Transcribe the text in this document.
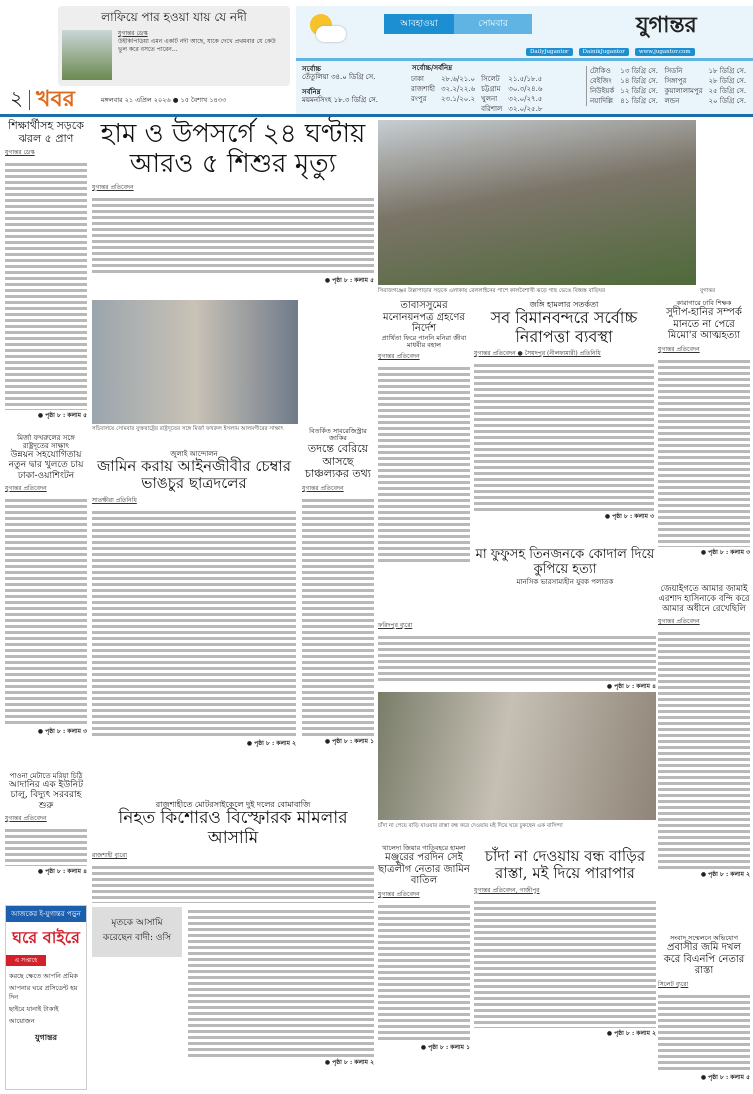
লাফিয়ে পার হওয়া যায় যে নদী
যুগান্তর ডেস্ক
উইকিপিডিয়া এমন একটি নদী আছে, যাকে দেখে প্রথমবার যে কেউ ভুল করে বসতে পারেন...
২ খবর	মঙ্গলবার ২১ এপ্রিল ২০২৬ ● ১৫ বৈশাখ ১৪৩৩
আবহাওয়া	সোমবার	যুগান্তর
DailyJugantor	DainikJugantor	www.jugantor.com
সর্বোচ্চ
তেঁতুলিয়া ৩৪.০ ডিগ্রি সে.
সর্বনিম্ন
ময়মনসিংহ ১৮.৩ ডিগ্রি সে.
সর্বোচ্চ/সর্বনিম্ন
ঢাকা	২৮.৬/২১.০	সিলেট	২১.৫/১৮.৫
রাজশাহী	৩২.২/২২.৬	চট্টগ্রাম	৩০.৩/২৪.৬
রংপুর	২৩.১/২০.২	খুলনা	৩২.০/২৭.৫
		বরিশাল	৩২.০/২৫.৮
টোকিও	১৩ ডিগ্রি সে.	সিডনি	১৮ ডিগ্রি সে.
বেইজিং	১৪ ডিগ্রি সে.	সিঙ্গাপুর	২৮ ডিগ্রি সে.
নিউইয়র্ক	১২ ডিগ্রি সে.	কুয়ালালামপুর	২৫ ডিগ্রি সে.
নয়াদিল্লি	৪১ ডিগ্রি সে.	লন্ডন	২০ ডিগ্রি সে.
শিক্ষার্থীসহ সড়কে ঝরল ৫ প্রাণ
যুগান্তর ডেস্ক
● পৃষ্ঠা ৮ : কলাম ৫
মির্জা ফখরুলের সঙ্গে রাষ্ট্রদূতের সাক্ষাৎ
উন্নয়ন সহযোগিতায় নতুন দ্বার খুলতে চায় ঢাকা-ওয়াশিংটন
যুগান্তর প্রতিবেদন
● পৃষ্ঠা ৮ : কলাম ৩
পাওনা মেটাতে মরিয়া চিঠি
আদানির এক ইউনিট চালু, বিদ্যুৎ সরবরাহ শুরু
যুগান্তর প্রতিবেদন
● পৃষ্ঠা ৮ : কলাম ৪
আজকের ই-যুগান্তর পড়ুন
ঘরে বাইরে
এ সপ্তাহে
করছে ক্ষেতে আপনি প্রমিক
আপনার ঘরে প্রসিডেন্ট হয় দিন
ছাইরে যানাই টাকাই
আয়োজন
যুগান্তর
হাম ও উপসর্গে ২৪ ঘণ্টায়
আরও ৫ শিশুর মৃত্যু
যুগান্তর প্রতিবেদন
● পৃষ্ঠা ৮ : কলাম ৫
সচিবালয়ে সোমবার যুক্তরাষ্ট্রের রাষ্ট্রদূতের সঙ্গে মির্জা ফখরুল ইসলাম আলমগীরের সাক্ষাৎ	বিতর্কিত সাবরেজিস্ট্রার জাকির
তদন্তে বেরিয়ে আসছে চাঞ্চল্যকর তথ্য
যুগান্তর প্রতিবেদন
● পৃষ্ঠা ৮ : কলাম ১
জুলাই আন্দোলন
জামিন করায় আইনজীবীর চেম্বার ভাঙচুর ছাত্রদলের
সাতক্ষীরা প্রতিনিধি
● পৃষ্ঠা ৮ : কলাম ২
রাজশাহীতে মোটরসাইকেলে দুই দলের বোমাবাজি
নিহত কিশোরও বিস্ফোরক মামলার আসামি
রাজশাহী ব্যুরো
মৃতকে আসামি করেছেন বাদী: ওসি
● পৃষ্ঠা ৮ : কলাম ২
সিরাজগঞ্জের উল্লাপাড়ার সড়কে এলাকায় রেললাইনের পাশে কালবৈশাখী ঝড়ে গাছ ভেঙে বিধ্বস্ত বাড়িঘর	যুগান্তর
তাবাসসুমের মনোনয়নপত্র গ্রহণের নির্দেশ
প্রার্থিতা ফিরে পাননি মনিরা জীবা মাধবীর বহাল
যুগান্তর প্রতিবেদন
জঙ্গি হামলার সতর্কতা
সব বিমানবন্দরে সর্বোচ্চ নিরাপত্তা ব্যবস্থা
যুগান্তর প্রতিবেদন ● সৈয়দপুর (নীলফামারী) প্রতিনিধি
● পৃষ্ঠা ৮ : কলাম ৩
কারাগারে ঢাবি শিক্ষক
সুদীপ-হানির সম্পর্ক মানতে না পেরে মিমো'র আত্মহত্যা
যুগান্তর প্রতিবেদন
● পৃষ্ঠা ৮ : কলাম ৩
মা ফুফুসহ তিনজনকে কোদাল দিয়ে কুপিয়ে হত্যা
মানসিক ভারসাম্যহীন যুবক পলাতক
ফরিদপুর ব্যুরো
● পৃষ্ঠা ৮ : কলাম ৪
জেয়াইগতে আমার জামাই এরশাদ হাসিনাকে বন্দি করে আমার অধীনে রেখেছিলি
যুগান্তর প্রতিবেদন
● পৃষ্ঠা ৮ : কলাম ২
চাঁদা না পেয়ে বাড়ি যাওয়ার রাস্তা বন্ধ করে দেওয়ায় মই দিয়ে ঘরে ঢুকছেন এক বাসিন্দা
খালেদা জিয়ার গাড়িবহরে হামলা
মঞ্জুরের পরদিন সেই ছাত্রলীগ নেতার জামিন বাতিল
যুগান্তর প্রতিবেদন
● পৃষ্ঠা ৮ : কলাম ১
চাঁদা না দেওয়ায় বন্ধ বাড়ির রাস্তা, মই দিয়ে পারাপার
যুগান্তর প্রতিবেদন, গাজীপুর
● পৃষ্ঠা ৮ : কলাম ২
সংবাদ সম্মেলনে অভিযোগ
প্রবাসীর জমি দখল করে বিএনপি নেতার রাস্তা
সিলেট ব্যুরো
● পৃষ্ঠা ৮ : কলাম ৫
